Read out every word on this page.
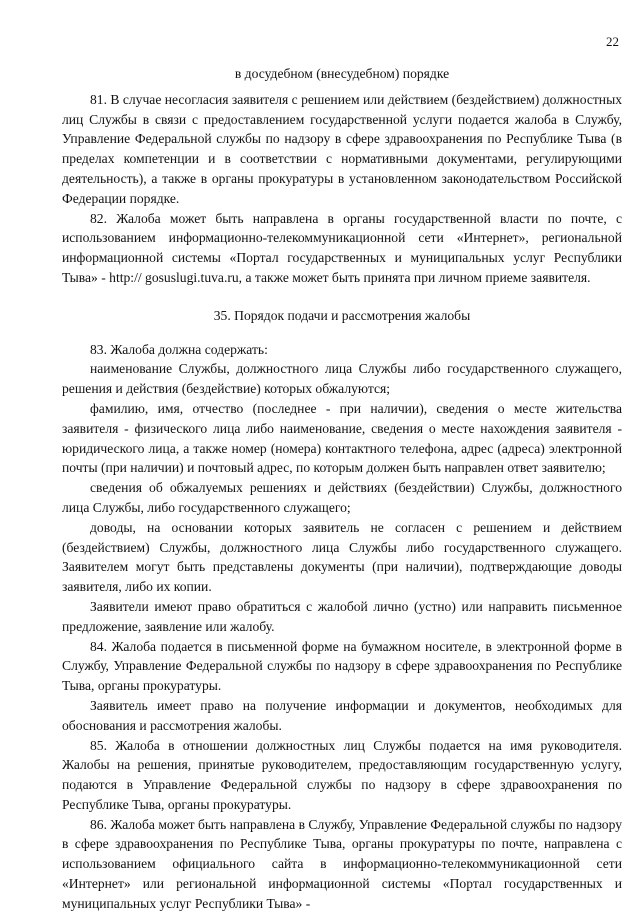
22
в досудебном (внесудебном) порядке

81. В случае несогласия заявителя с решением или действием (бездействием) должностных лиц Службы в связи с предоставлением государственной услуги подается жалоба в Службу, Управление Федеральной службы по надзору в сфере здравоохранения по Республике Тыва (в пределах компетенции и в соответствии с нормативными документами, регулирующими деятельность), а также в органы прокуратуры в установленном законодательством Российской Федерации порядке.

82. Жалоба может быть направлена в органы государственной власти по почте, с использованием информационно-телекоммуникационной сети «Интернет», региональной информационной системы «Портал государственных и муниципальных услуг Республики Тыва» - http:// gosuslugi.tuva.ru, а также может быть принята при личном приеме заявителя.

35. Порядок подачи и рассмотрения жалобы

83. Жалоба должна содержать:

наименование Службы, должностного лица Службы либо государственного служащего, решения и действия (бездействие) которых обжалуются;

фамилию, имя, отчество (последнее - при наличии), сведения о месте жительства заявителя - физического лица либо наименование, сведения о месте нахождения заявителя - юридического лица, а также номер (номера) контактного телефона, адрес (адреса) электронной почты (при наличии) и почтовый адрес, по которым должен быть направлен ответ заявителю;

сведения об обжалуемых решениях и действиях (бездействии) Службы, должностного лица Службы, либо государственного служащего;

доводы, на основании которых заявитель не согласен с решением и действием (бездействием) Службы, должностного лица Службы либо государственного служащего. Заявителем могут быть представлены документы (при наличии), подтверждающие доводы заявителя, либо их копии.

Заявители имеют право обратиться с жалобой лично (устно) или направить письменное предложение, заявление или жалобу.

84. Жалоба подается в письменной форме на бумажном носителе, в электронной форме в Службу, Управление Федеральной службы по надзору в сфере здравоохранения по Республике Тыва, органы прокуратуры.

Заявитель имеет право на получение информации и документов, необходимых для обоснования и рассмотрения жалобы.

85. Жалоба в отношении должностных лиц Службы подается на имя руководителя. Жалобы на решения, принятые руководителем, предоставляющим государственную услугу, подаются в Управление Федеральной службы по надзору в сфере здравоохранения по Республике Тыва, органы прокуратуры.

86. Жалоба может быть направлена в Службу, Управление Федеральной службы по надзору в сфере здравоохранения по Республике Тыва, органы прокуратуры по почте, направлена с использованием официального сайта в информационно-телекоммуникационной сети «Интернет» или региональной информационной системы «Портал государственных и муниципальных услуг Республики Тыва» -
